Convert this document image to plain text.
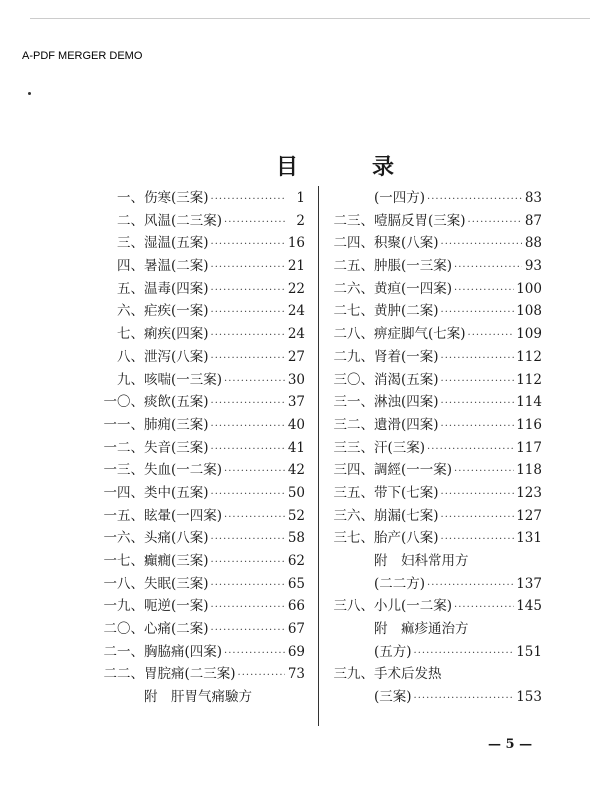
A-PDF MERGER DEMO
目　录
一、 伤寒(三案) ·····	1
二、 风温(二三案) ·····	2
三、 湿温(五案) ·····	16
四、 暑温(二案) ·····	21
五、 温毒(四案) ·····	22
六、 疟疾(一案) ·····	24
七、 痢疾(四案) ·····	24
八、 泄泻(八案) ·····	27
九、 咳喘(一三案) ·····	30
一〇、 痰飲(五案) ·····	37
一一、 肺痈(三案) ·····	40
一二、 失音(三案) ·····	41
一三、 失血(一二案) ·····	42
一四、 类中(五案) ·····	50
一五、 眩暈(一四案) ·····	52
一六、 头痛(八案) ·····	58
一七、 癲癇(三案) ·····	62
一八、 失眠(三案) ·····	65
一九、 呃逆(一案) ·····	66
二〇、 心痛(二案) ·····	67
二一、 胸脇痛(四案) ·····	69
二二、 胃脘痛(二三案) ·····	73
附　肝胃气痛驗方
(一四方) ·····	83
二三、 噎膈反胃(三案) ·····	87
二四、 积聚(八案) ·····	88
二五、 肿脹(一三案) ·····	93
二六、 黄疸(一四案) ·····	100
二七、 黄肿(二案) ·····	108
二八、 痹症脚气(七案) ·····	109
二九、 肾着(一案) ·····	112
三〇、 消渴(五案) ·····	112
三一、 淋浊(四案) ·····	114
三二、 遺滑(四案) ·····	116
三三、 汗(三案) ·····	117
三四、 調經(一一案) ·····	118
三五、 带下(七案) ·····	123
三六、 崩漏(七案) ·····	127
三七、 胎产(八案) ·····	131
附　妇科常用方
(二二方) ·····	137
三八、 小儿(一二案) ·····	145
附　痲疹通治方
(五方) ·····	151
三九、 手术后发热
(三案) ·····	153
— 5 —
